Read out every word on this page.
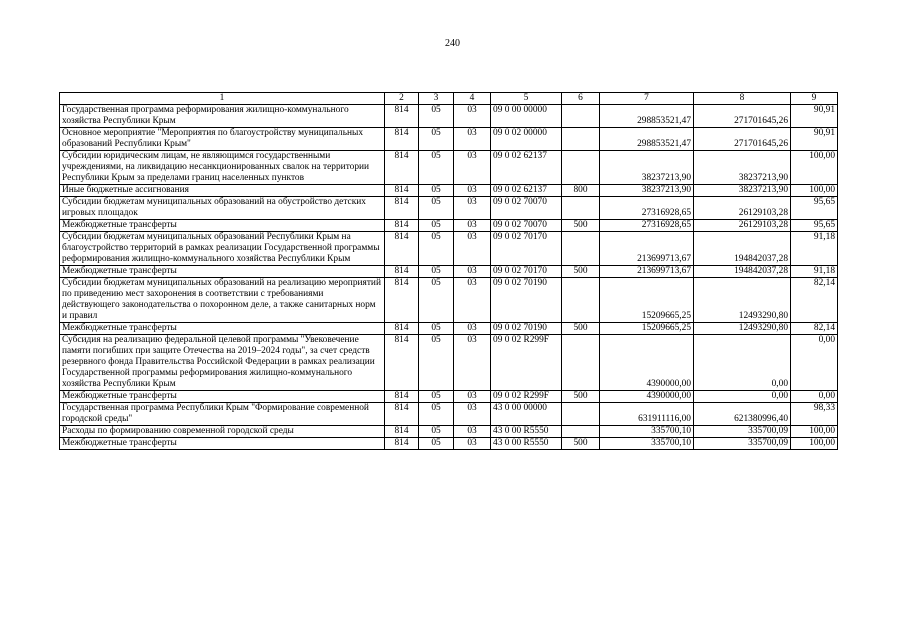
240
1	2	3	4	5	6	7	8	9
Государственная программа реформирования жилищно-коммунального хозяйства Республики Крым	814	05	03	09 0 00 00000		298853521,47	271701645,26	90,91
Основное мероприятие "Мероприятия по благоустройству муниципальных образований Республики Крым"	814	05	03	09 0 02 00000		298853521,47	271701645,26	90,91
Субсидии юридическим лицам, не являющимся государственными учреждениями, на ликвидацию несанкционированных свалок на территории Республики Крым за пределами границ населенных пунктов	814	05	03	09 0 02 62137		38237213,90	38237213,90	100,00
Иные бюджетные ассигнования	814	05	03	09 0 02 62137	800	38237213,90	38237213,90	100,00
Субсидии бюджетам муниципальных образований на обустройство детских игровых площадок	814	05	03	09 0 02 70070		27316928,65	26129103,28	95,65
Межбюджетные трансферты	814	05	03	09 0 02 70070	500	27316928,65	26129103,28	95,65
Субсидии бюджетам муниципальных образований Республики Крым на благоустройство территорий в рамках реализации Государственной программы реформирования жилищно-коммунального хозяйства Республики Крым	814	05	03	09 0 02 70170		213699713,67	194842037,28	91,18
Межбюджетные трансферты	814	05	03	09 0 02 70170	500	213699713,67	194842037,28	91,18
Субсидии бюджетам муниципальных образований на реализацию мероприятий по приведению мест захоронения в соответствии с требованиями действующего законодательства о похоронном деле, а также санитарных норм и правил	814	05	03	09 0 02 70190		15209665,25	12493290,80	82,14
Межбюджетные трансферты	814	05	03	09 0 02 70190	500	15209665,25	12493290,80	82,14
Субсидия на реализацию федеральной целевой программы "Увековечение памяти погибших при защите Отечества на 2019–2024 годы", за счет средств резервного фонда Правительства Российской Федерации в рамках реализации Государственной программы реформирования жилищно-коммунального хозяйства Республики Крым	814	05	03	09 0 02 R299F		4390000,00	0,00	0,00
Межбюджетные трансферты	814	05	03	09 0 02 R299F	500	4390000,00	0,00	0,00
Государственная программа Республики Крым "Формирование современной городской среды"	814	05	03	43 0 00 00000		631911116,00	621380996,40	98,33
Расходы по формированию современной городской среды	814	05	03	43 0 00 R5550		335700,10	335700,09	100,00
Межбюджетные трансферты	814	05	03	43 0 00 R5550	500	335700,10	335700,09	100,00
